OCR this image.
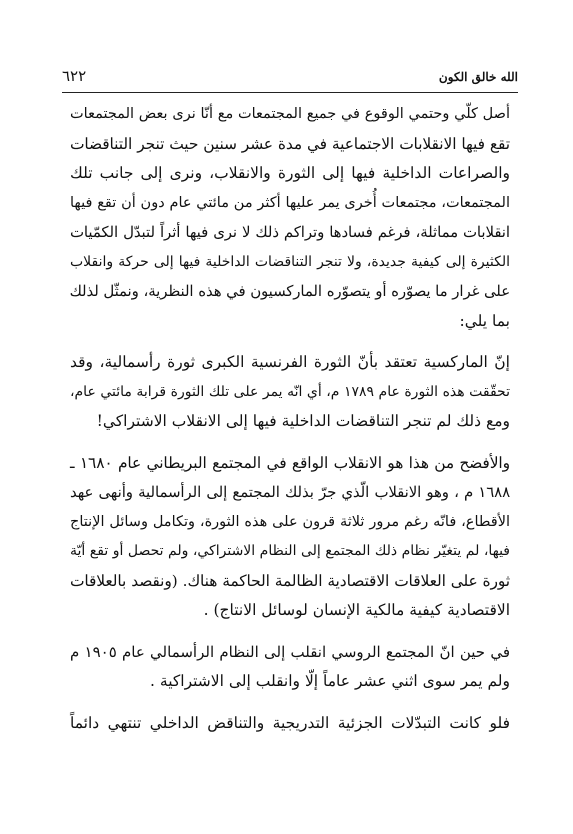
٦٢٢	الله خالق الكون
أصل كلّي وحتمي الوقوع في جميع المجتمعات مع أنّا نرى بعض المجتمعات
تقع فيها الانقلابات الاجتماعية في مدة عشر سنين حيث تنجر التناقضات
والصراعات الداخلية فيها إلى الثورة والانقلاب، ونرى إلى جانب تلك
المجتمعات، مجتمعات أُخرى يمر عليها أكثر من مائتي عام دون أن تقع فيها
انقلابات مماثلة، فرغم فسادها وتراكم ذلك لا نرى فيها أثراً لتبدّل الكمّيات
الكثيرة إلى كيفية جديدة، ولا تنجر التناقضات الداخلية فيها إلى حركة وانقلاب
على غرار ما يصوّره أو يتصوّره الماركسيون في هذه النظرية، ونمثّل لذلك
بما يلي:
إنّ الماركسية تعتقد بأنّ الثورة الفرنسية الكبرى ثورة رأسمالية، وقد
تحقّقت هذه الثورة عام ١٧٨٩ م، أي انّه يمر على تلك الثورة قرابة مائتي عام،
ومع ذلك لم تنجر التناقضات الداخلية فيها إلى الانقلاب الاشتراكي!
والأفضح من هذا هو الانقلاب الواقع في المجتمع البريطاني عام ١٦٨٠ ـ
١٦٨٨ م ، وهو الانقلاب الّذي جرّ بذلك المجتمع إلى الرأسمالية وأنهى عهد
الأقطاع، فانّه رغم مرور ثلاثة قرون على هذه الثورة، وتكامل وسائل الإنتاج
فيها، لم يتغيّر نظام ذلك المجتمع إلى النظام الاشتراكي، ولم تحصل أو تقع أيّة
ثورة على العلاقات الاقتصادية الظالمة الحاكمة هناك. (ونقصد بالعلاقات
الاقتصادية كيفية مالكية الإنسان لوسائل الانتاج) .
في حين انّ المجتمع الروسي انقلب إلى النظام الرأسمالي عام ١٩٠٥ م
ولم يمر سوى اثني عشر عاماً إلّا وانقلب إلى الاشتراكية .
فلو كانت التبدّلات الجزئية التدريجية والتناقض الداخلي تنتهي دائماً
